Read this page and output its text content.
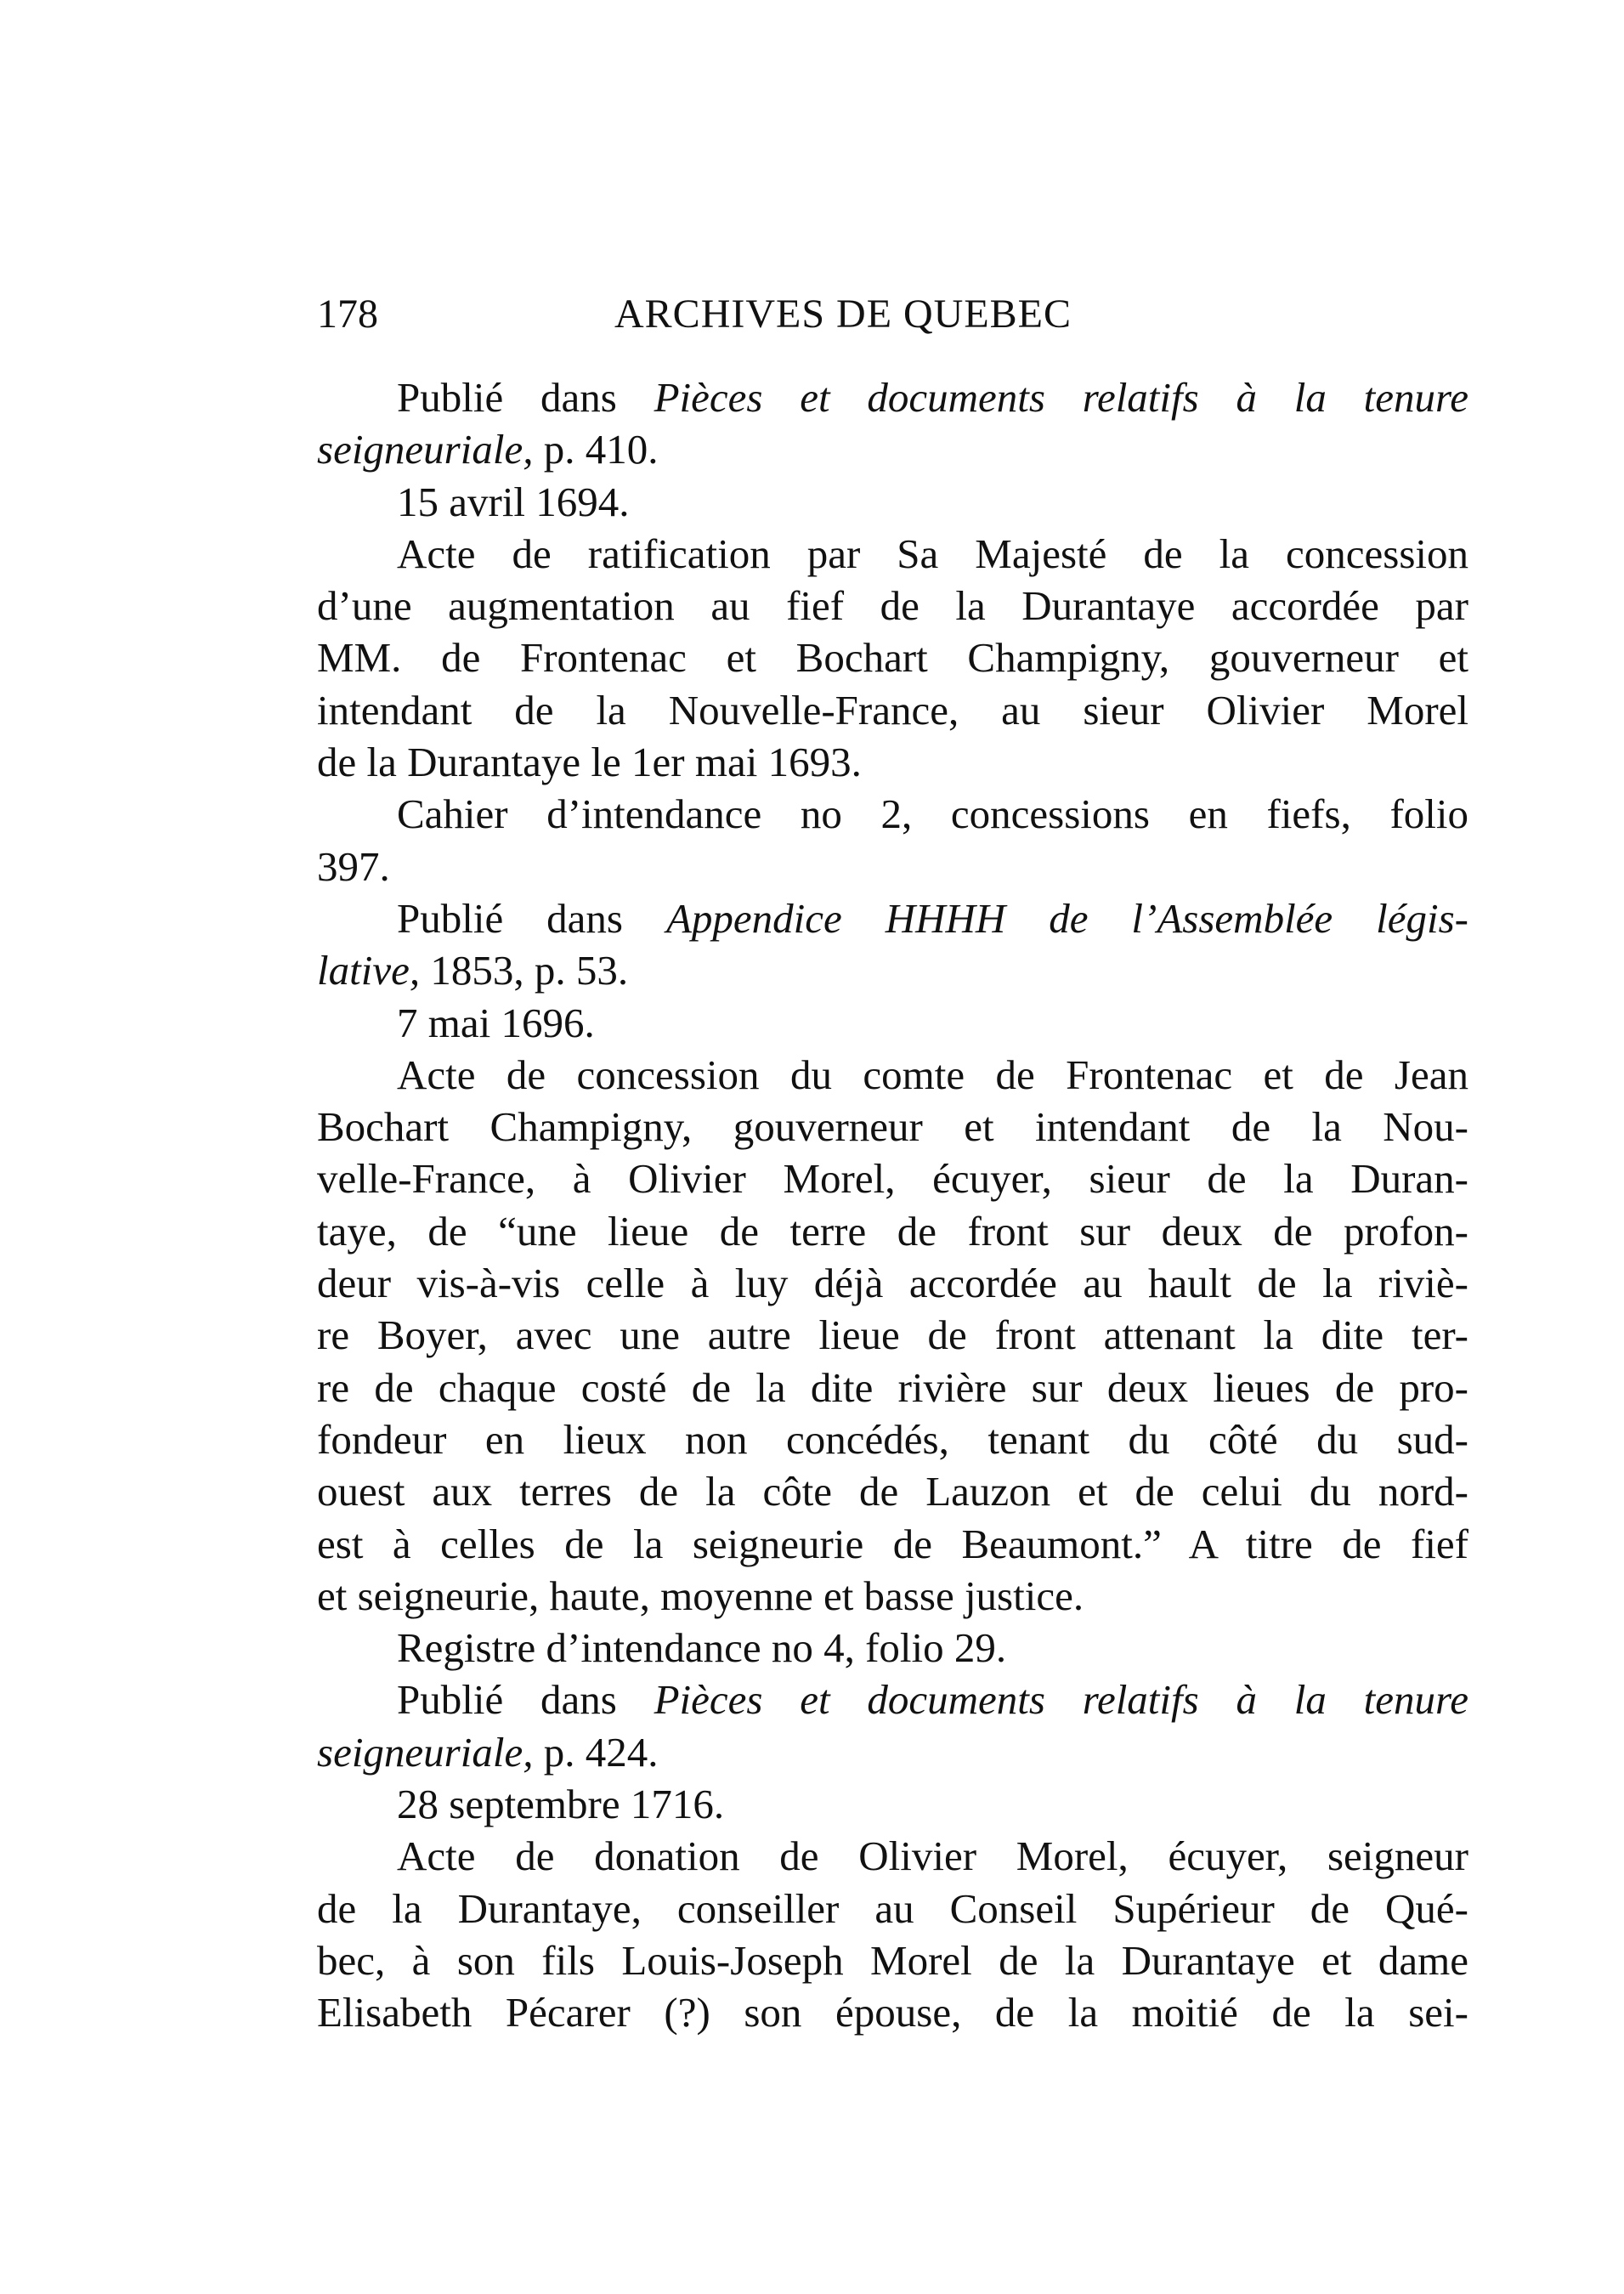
178	ARCHIVES DE QUEBEC
Publié dans Pièces et documents relatifs à la tenure
seigneuriale, p. 410.
15 avril 1694.
Acte de ratification par Sa Majesté de la concession
d’une augmentation au fief de la Durantaye accordée par
MM. de Frontenac et Bochart Champigny, gouverneur et
intendant de la Nouvelle-France, au sieur Olivier Morel
de la Durantaye le 1er mai 1693.
Cahier d’intendance no 2, concessions en fiefs, folio
397.
Publié dans Appendice HHHH de l’Assemblée légis-
lative, 1853, p. 53.
7 mai 1696.
Acte de concession du comte de Frontenac et de Jean
Bochart Champigny, gouverneur et intendant de la Nou-
velle-France, à Olivier Morel, écuyer, sieur de la Duran-
taye, de “une lieue de terre de front sur deux de profon-
deur vis-à-vis celle à luy déjà accordée au hault de la riviè-
re Boyer, avec une autre lieue de front attenant la dite ter-
re de chaque costé de la dite rivière sur deux lieues de pro-
fondeur en lieux non concédés, tenant du côté du sud-
ouest aux terres de la côte de Lauzon et de celui du nord-
est à celles de la seigneurie de Beaumont.” A titre de fief
et seigneurie, haute, moyenne et basse justice.
Registre d’intendance no 4, folio 29.
Publié dans Pièces et documents relatifs à la tenure
seigneuriale, p. 424.
28 septembre 1716.
Acte de donation de Olivier Morel, écuyer, seigneur
de la Durantaye, conseiller au Conseil Supérieur de Qué-
bec, à son fils Louis-Joseph Morel de la Durantaye et dame
Elisabeth Pécarer (?) son épouse, de la moitié de la sei-
